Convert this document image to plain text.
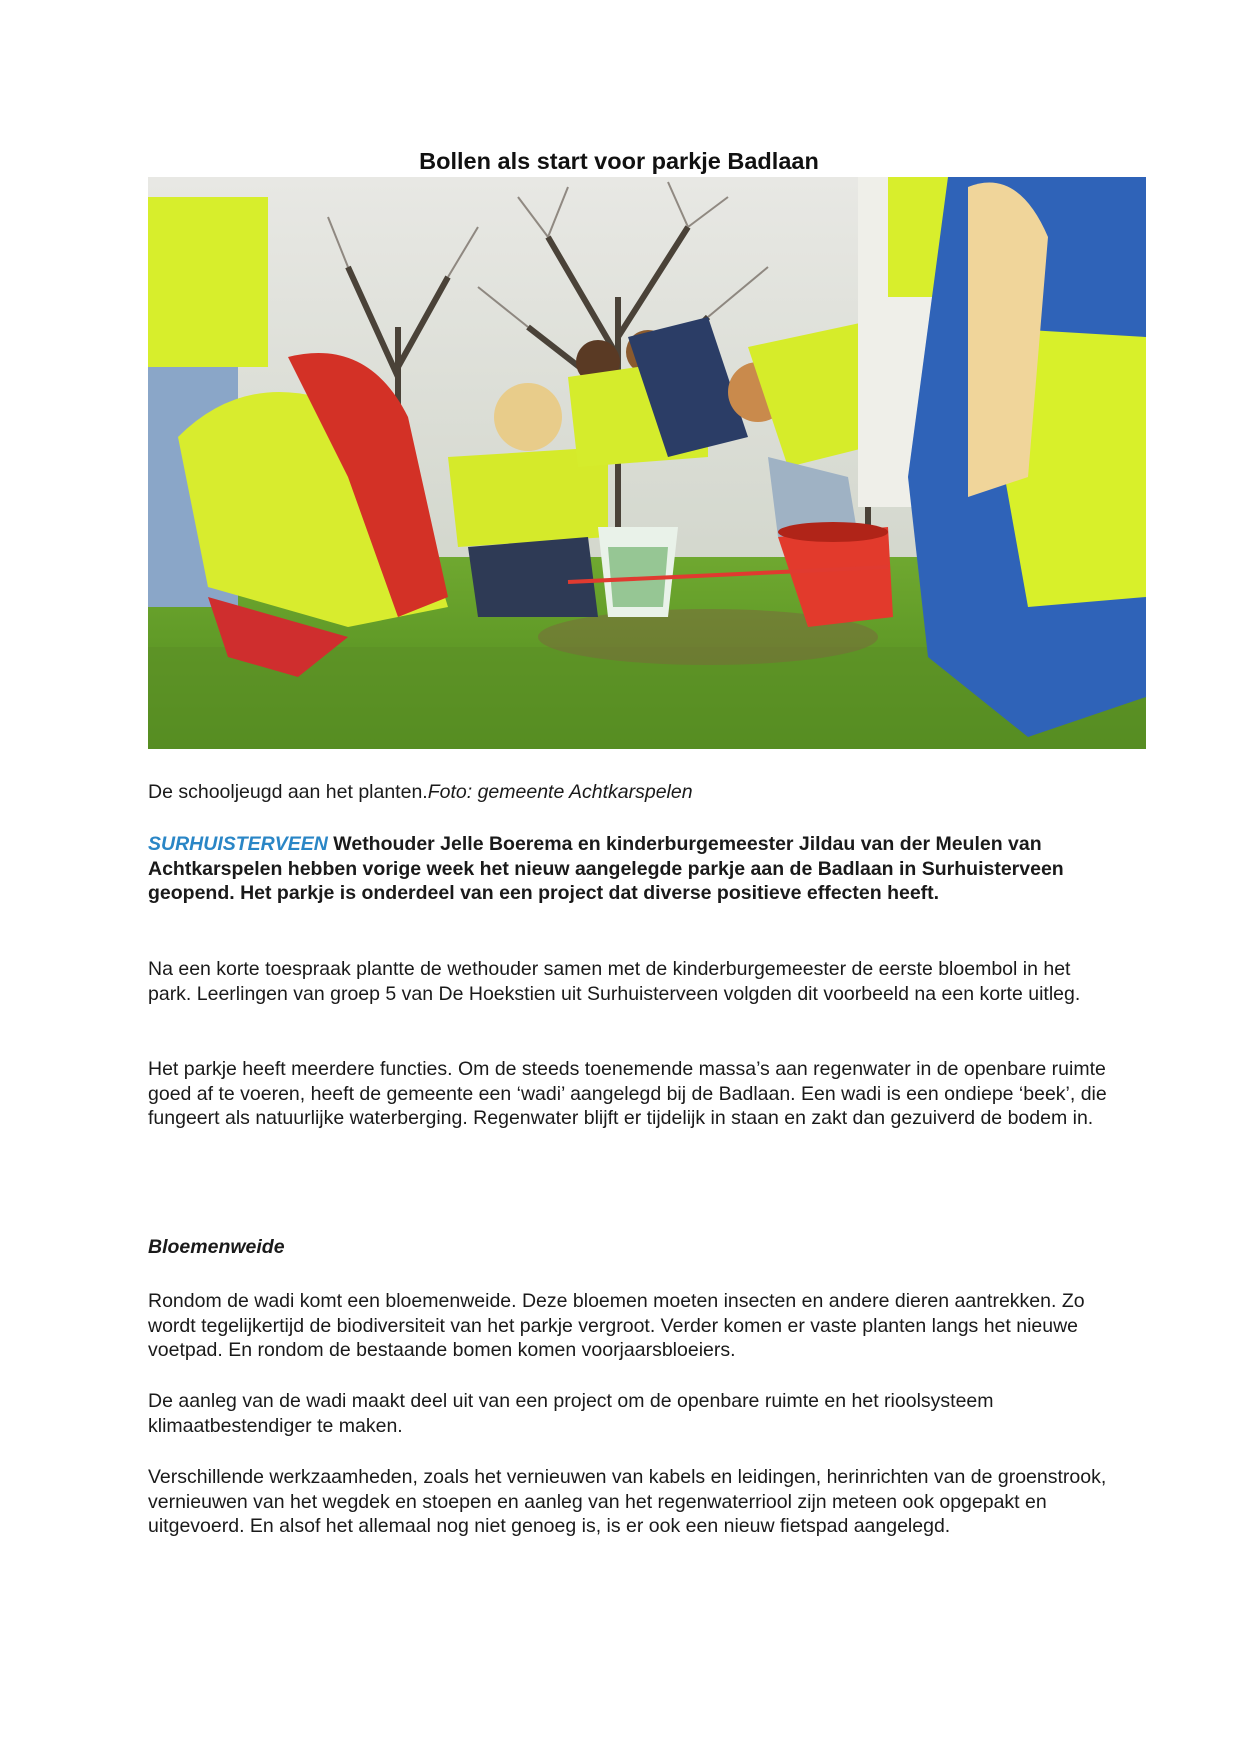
Bollen als start voor parkje Badlaan
De schooljeugd aan het planten.Foto: gemeente Achtkarspelen

SURHUISTERVEEN Wethouder Jelle Boerema en kinderburgemeester Jildau van der Meulen van Achtkarspelen hebben vorige week het nieuw aangelegde parkje aan de Badlaan in Surhuisterveen geopend. Het parkje is onderdeel van een project dat diverse positieve effecten heeft.

Na een korte toespraak plantte de wethouder samen met de kinderburgemeester de eerste bloembol in het park. Leerlingen van groep 5 van De Hoekstien uit Surhuisterveen volgden dit voorbeeld na een korte uitleg.

Het parkje heeft meerdere functies. Om de steeds toenemende massa’s aan regenwater in de openbare ruimte goed af te voeren, heeft de gemeente een ‘wadi’ aangelegd bij de Badlaan. Een wadi is een ondiepe ‘beek’, die fungeert als natuurlijke waterberging. Regenwater blijft er tijdelijk in staan en zakt dan gezuiverd de bodem in.

Bloemenweide

Rondom de wadi komt een bloemenweide. Deze bloemen moeten insecten en andere dieren aantrekken. Zo wordt tegelijkertijd de biodiversiteit van het parkje vergroot. Verder komen er vaste planten langs het nieuwe voetpad. En rondom de bestaande bomen komen voorjaarsbloeiers.

De aanleg van de wadi maakt deel uit van een project om de openbare ruimte en het rioolsysteem klimaatbestendiger te maken.

Verschillende werkzaamheden, zoals het vernieuwen van kabels en leidingen, herinrichten van de groenstrook, vernieuwen van het wegdek en stoepen en aanleg van het regenwaterriool zijn meteen ook opgepakt en uitgevoerd. En alsof het allemaal nog niet genoeg is, is er ook een nieuw fietspad aangelegd.
